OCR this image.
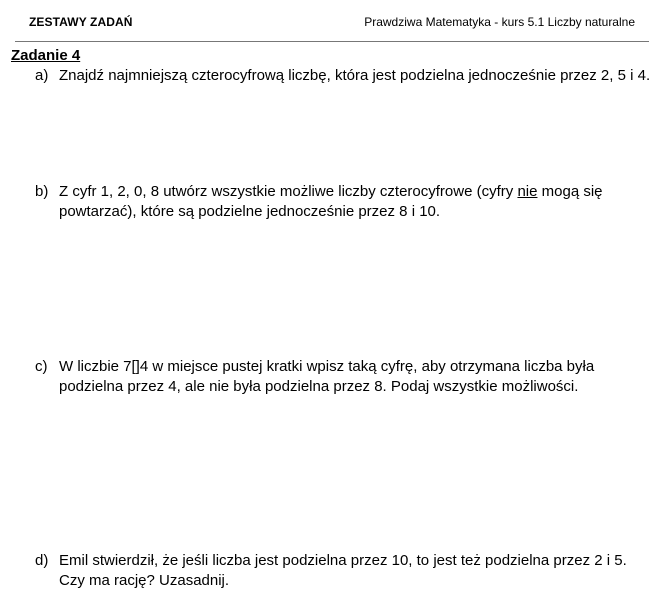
ZESTAWY ZADAŃ	Prawdziwa Matematyka - kurs 5.1 Liczby naturalne
Zadanie 4
a) Znajdź najmniejszą czterocyfrową liczbę, która jest podzielna jednocześnie przez 2, 5 i 4.
b) Z cyfr 1, 2, 0, 8 utwórz wszystkie możliwe liczby czterocyfrowe (cyfry nie mogą się powtarzać), które są podzielne jednocześnie przez 8 i 10.
c) W liczbie 7[]4 w miejsce pustej kratki wpisz taką cyfrę, aby otrzymana liczba była podzielna przez 4, ale nie była podzielna przez 8. Podaj wszystkie możliwości.
d) Emil stwierdził, że jeśli liczba jest podzielna przez 10, to jest też podzielna przez 2 i 5. Czy ma rację? Uzasadnij.
